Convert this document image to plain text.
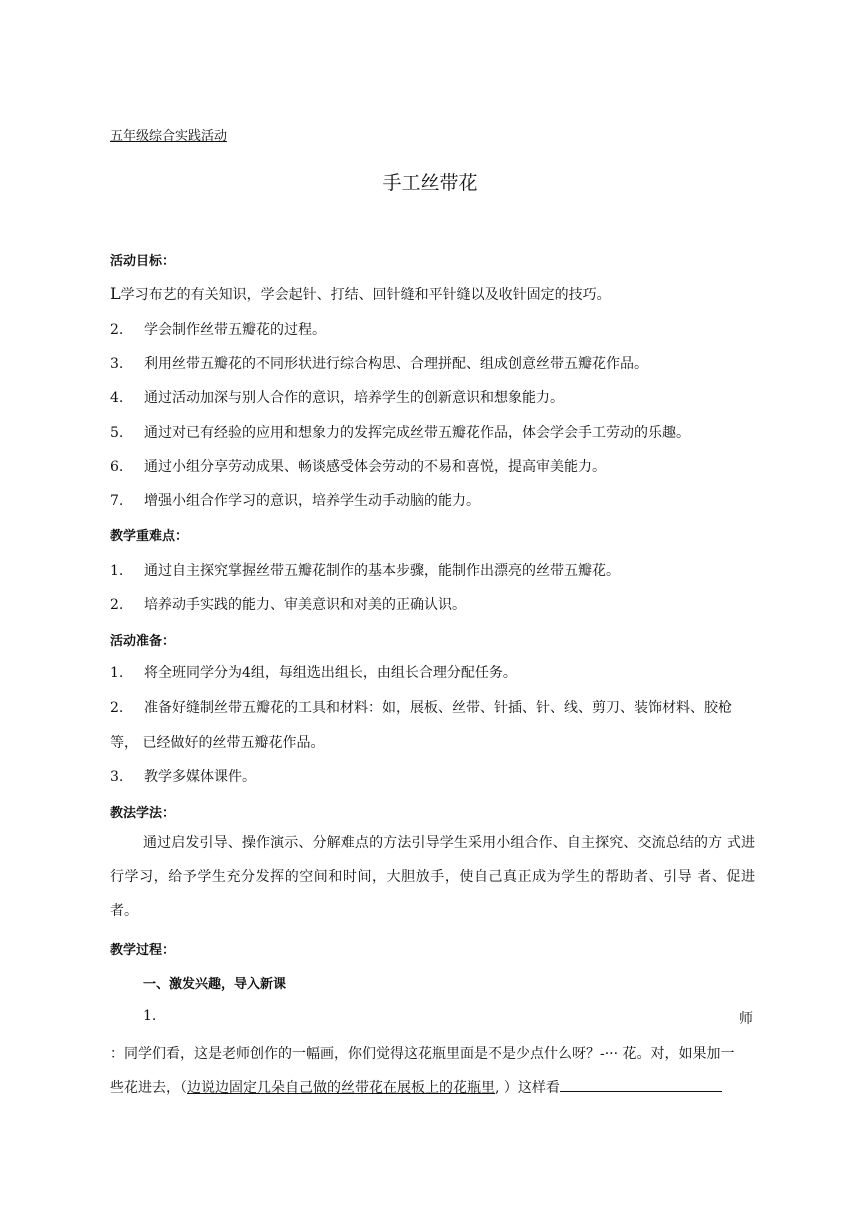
五年级综合实践活动
手工丝带花
活动目标：
L学习布艺的有关知识，学会起针、打结、回针缝和平针缝以及收针固定的技巧。
2. 学会制作丝带五瓣花的过程。
3. 利用丝带五瓣花的不同形状进行综合构思、合理拼配、组成创意丝带五瓣花作品。
4. 通过活动加深与别人合作的意识，培养学生的创新意识和想象能力。
5. 通过对已有经验的应用和想象力的发挥完成丝带五瓣花作品，体会学会手工劳动的乐趣。
6. 通过小组分享劳动成果、畅谈感受体会劳动的不易和喜悦，提高审美能力。
7. 增强小组合作学习的意识，培养学生动手动脑的能力。
教学重难点：
1. 通过自主探究掌握丝带五瓣花制作的基本步骤，能制作出漂亮的丝带五瓣花。
2. 培养动手实践的能力、审美意识和对美的正确认识。
活动准备：
1. 将全班同学分为4组，每组选出组长，由组长合理分配任务。
2. 准备好缝制丝带五瓣花的工具和材料：如，展板、丝带、针插、针、线、剪刀、装饰材料、胶枪
等， 已经做好的丝带五瓣花作品。
3. 教学多媒体课件。
教法学法：
通过启发引导、操作演示、分解难点的方法引导学生采用小组合作、自主探究、交流总结的方 式进行学习，给予学生充分发挥的空间和时间，大胆放手，使自己真正成为学生的帮助者、引导 者、促进者。
教学过程：
一、激发兴趣，导入新课
1.	师
：同学们看，这是老师创作的一幅画，你们觉得这花瓶里面是不是少点什么呀？-··· 花。对，如果加一
些花进去，（边说边固定几朵自己做的丝带花在展板上的花瓶里, ）这样看
